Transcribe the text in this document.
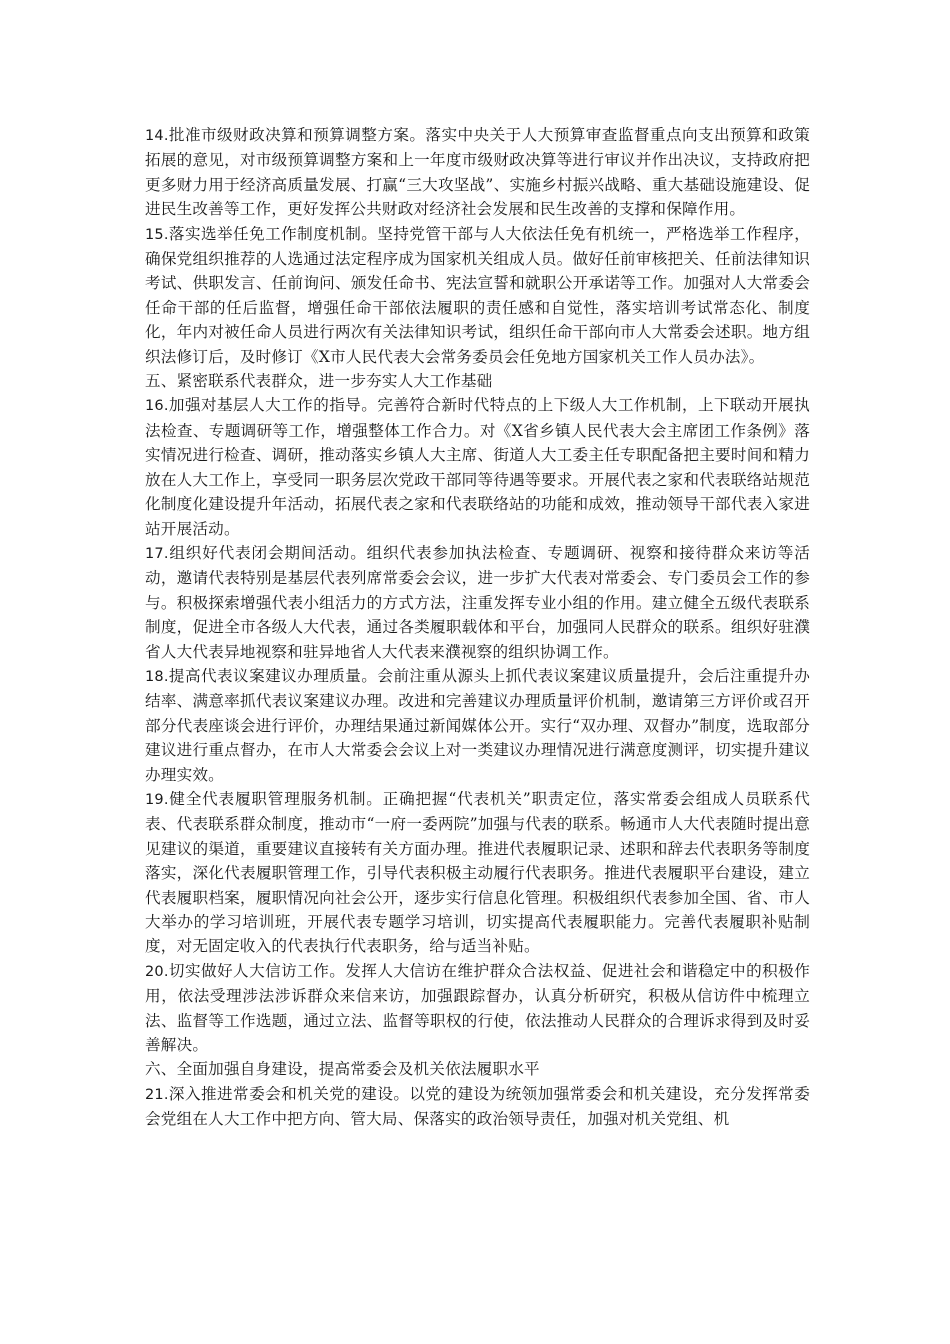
14.批准市级财政决算和预算调整方案。落实中央关于人大预算审查监督重点向支出预算和政策拓展的意见，对市级预算调整方案和上一年度市级财政决算等进行审议并作出决议，支持政府把更多财力用于经济高质量发展、打赢“三大攻坚战”、实施乡村振兴战略、重大基础设施建设、促进民生改善等工作，更好发挥公共财政对经济社会发展和民生改善的支撑和保障作用。

15.落实选举任免工作制度机制。坚持党管干部与人大依法任免有机统一，严格选举工作程序，确保党组织推荐的人选通过法定程序成为国家机关组成人员。做好任前审核把关、任前法律知识考试、供职发言、任前询问、颁发任命书、宪法宣誓和就职公开承诺等工作。加强对人大常委会任命干部的任后监督，增强任命干部依法履职的责任感和自觉性，落实培训考试常态化、制度化，年内对被任命人员进行两次有关法律知识考试，组织任命干部向市人大常委会述职。地方组织法修订后，及时修订《X市人民代表大会常务委员会任免地方国家机关工作人员办法》。

五、紧密联系代表群众，进一步夯实人大工作基础

16.加强对基层人大工作的指导。完善符合新时代特点的上下级人大工作机制，上下联动开展执法检查、专题调研等工作，增强整体工作合力。对《X省乡镇人民代表大会主席团工作条例》落实情况进行检查、调研，推动落实乡镇人大主席、街道人大工委主任专职配备把主要时间和精力放在人大工作上，享受同一职务层次党政干部同等待遇等要求。开展代表之家和代表联络站规范化制度化建设提升年活动，拓展代表之家和代表联络站的功能和成效，推动领导干部代表入家进站开展活动。

17.组织好代表闭会期间活动。组织代表参加执法检查、专题调研、视察和接待群众来访等活动，邀请代表特别是基层代表列席常委会会议，进一步扩大代表对常委会、专门委员会工作的参与。积极探索增强代表小组活力的方式方法，注重发挥专业小组的作用。建立健全五级代表联系制度，促进全市各级人大代表，通过各类履职载体和平台，加强同人民群众的联系。组织好驻濮省人大代表异地视察和驻异地省人大代表来濮视察的组织协调工作。

18.提高代表议案建议办理质量。会前注重从源头上抓代表议案建议质量提升，会后注重提升办结率、满意率抓代表议案建议办理。改进和完善建议办理质量评价机制，邀请第三方评价或召开部分代表座谈会进行评价，办理结果通过新闻媒体公开。实行“双办理、双督办”制度，选取部分建议进行重点督办，在市人大常委会会议上对一类建议办理情况进行满意度测评，切实提升建议办理实效。

19.健全代表履职管理服务机制。正确把握“代表机关”职责定位，落实常委会组成人员联系代表、代表联系群众制度，推动市“一府一委两院”加强与代表的联系。畅通市人大代表随时提出意见建议的渠道，重要建议直接转有关方面办理。推进代表履职记录、述职和辞去代表职务等制度落实，深化代表履职管理工作，引导代表积极主动履行代表职务。推进代表履职平台建设，建立代表履职档案，履职情况向社会公开，逐步实行信息化管理。积极组织代表参加全国、省、市人大举办的学习培训班，开展代表专题学习培训，切实提高代表履职能力。完善代表履职补贴制度，对无固定收入的代表执行代表职务，给与适当补贴。

20.切实做好人大信访工作。发挥人大信访在维护群众合法权益、促进社会和谐稳定中的积极作用，依法受理涉法涉诉群众来信来访，加强跟踪督办，认真分析研究，积极从信访件中梳理立法、监督等工作选题，通过立法、监督等职权的行使，依法推动人民群众的合理诉求得到及时妥善解决。

六、全面加强自身建设，提高常委会及机关依法履职水平

21.深入推进常委会和机关党的建设。以党的建设为统领加强常委会和机关建设，充分发挥常委会党组在人大工作中把方向、管大局、保落实的政治领导责任，加强对机关党组、机
